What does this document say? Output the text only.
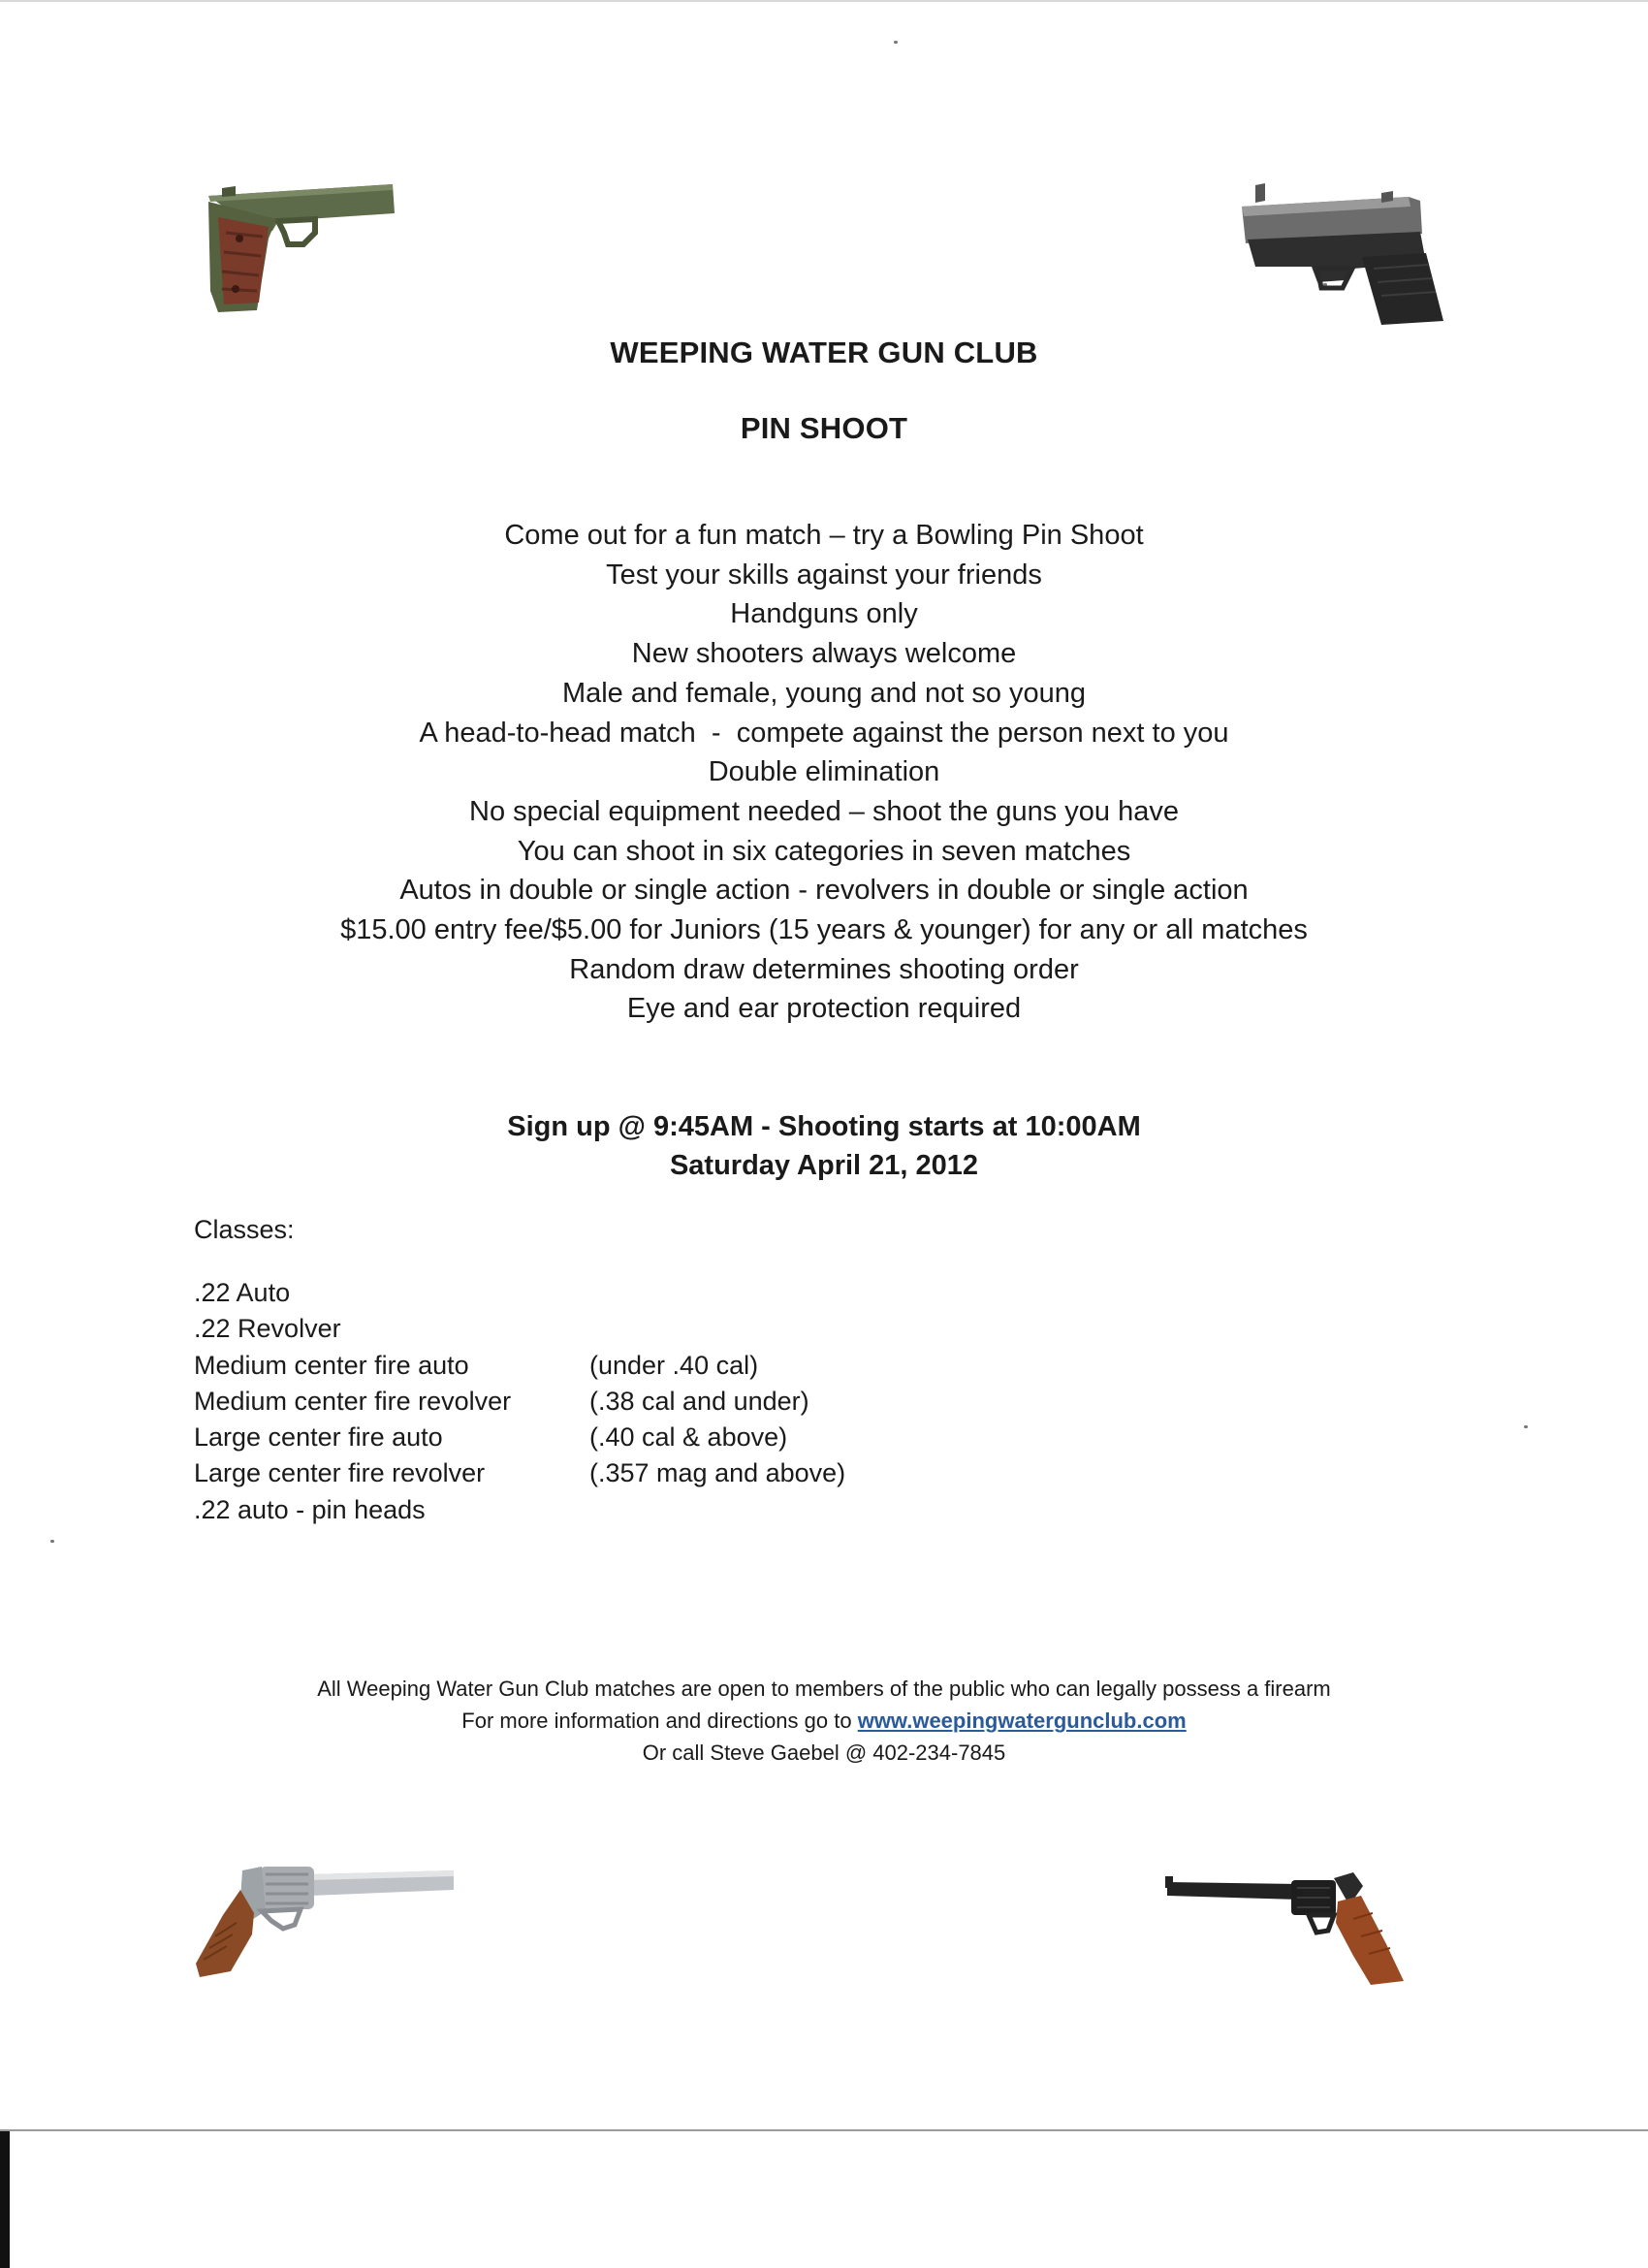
WEEPING WATER GUN CLUB
PIN SHOOT
Come out for a fun match – try a Bowling Pin Shoot
Test your skills against your friends
Handguns only
New shooters always welcome
Male and female, young and not so young
A head-to-head match  -  compete against the person next to you
Double elimination
No special equipment needed – shoot the guns you have
You can shoot in six categories in seven matches
Autos in double or single action - revolvers in double or single action
$15.00 entry fee/$5.00 for Juniors (15 years & younger) for any or all matches
Random draw determines shooting order
Eye and ear protection required
Sign up @ 9:45AM - Shooting starts at 10:00AM
Saturday April 21, 2012
Classes:
.22 Auto
.22 Revolver
Medium center fire auto	(under .40 cal)
Medium center fire revolver	(.38 cal and under)
Large center fire auto	(.40 cal & above)
Large center fire revolver	(.357 mag and above)
.22 auto - pin heads
All Weeping Water Gun Club matches are open to members of the public who can legally possess a firearm
For more information and directions go to www.weepingwatergunclub.com
Or call Steve Gaebel @ 402-234-7845
